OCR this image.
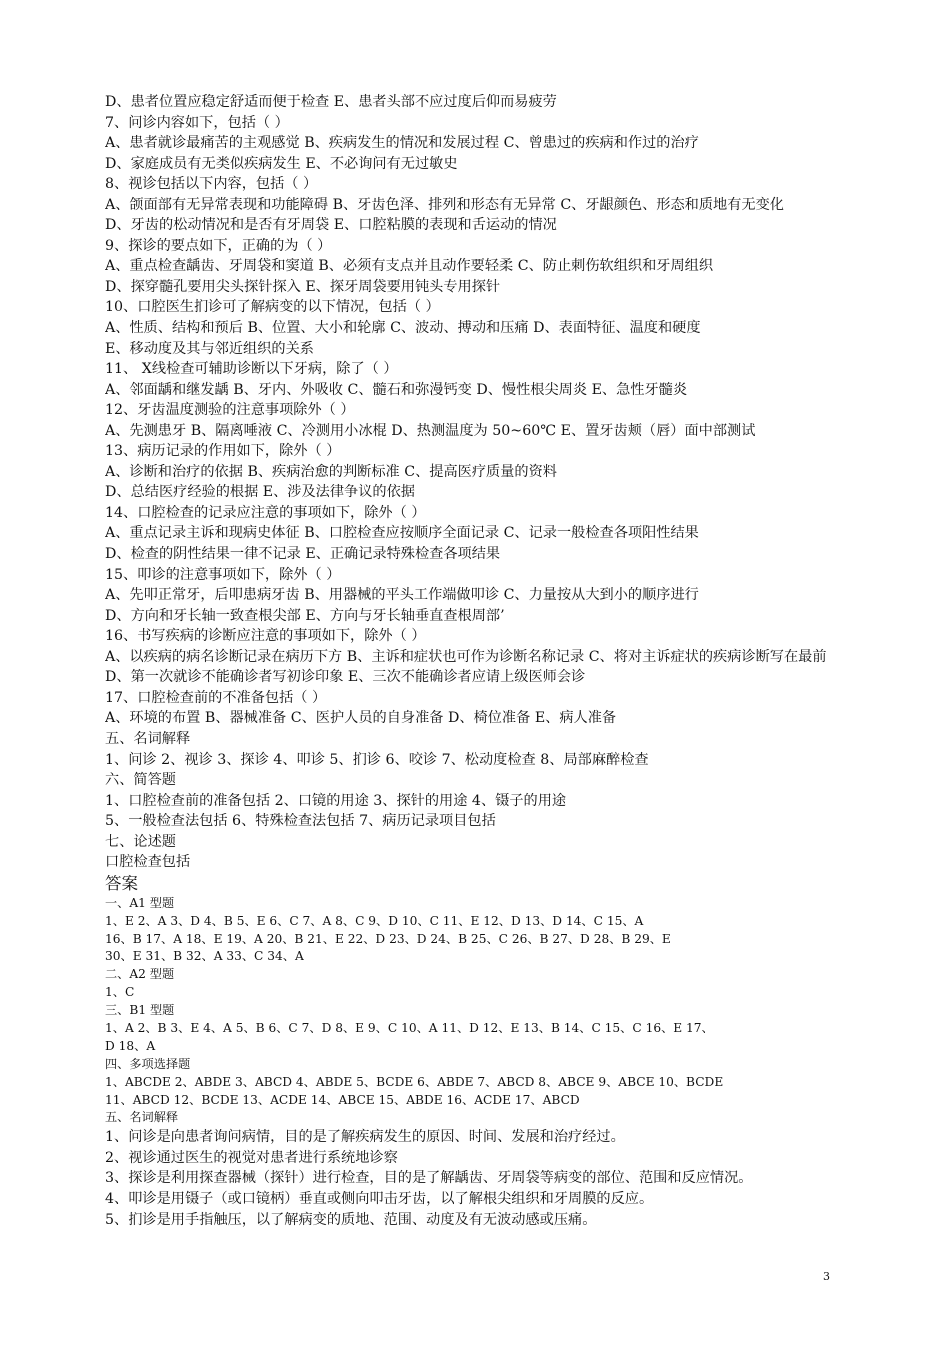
D、患者位置应稳定舒适而便于检查 E、患者头部不应过度后仰而易疲劳
7、问诊内容如下，包括（ ）
A、患者就诊最痛苦的主观感觉 B、疾病发生的情况和发展过程 C、曾患过的疾病和作过的治疗
D、家庭成员有无类似疾病发生 E、不必询问有无过敏史
8、视诊包括以下内容，包括（ ）
A、颌面部有无异常表现和功能障碍 B、牙齿色泽、排列和形态有无异常 C、牙龈颜色、形态和质地有无变化
D、牙齿的松动情况和是否有牙周袋 E、口腔粘膜的表现和舌运动的情况
9、探诊的要点如下，正确的为（ ）
A、重点检查龋齿、牙周袋和窦道 B、必须有支点并且动作要轻柔 C、防止刺伤软组织和牙周组织
D、探穿髓孔要用尖头探针探入 E、探牙周袋要用钝头专用探针
10、口腔医生扪诊可了解病变的以下情况，包括（ ）
A、性质、结构和预后 B、位置、大小和轮廓 C、波动、搏动和压痛 D、表面特征、温度和硬度
E、移动度及其与邻近组织的关系
11、 X线检查可辅助诊断以下牙病，除了（ ）
A、邻面龋和继发龋 B、牙内、外吸收 C、髓石和弥漫钙变 D、慢性根尖周炎 E、急性牙髓炎
12、牙齿温度测验的注意事项除外（ ）
A、先测患牙 B、隔离唾液 C、冷测用小冰棍 D、热测温度为 50~60℃ E、置牙齿颊（唇）面中部测试
13、病历记录的作用如下，除外（ ）
A、诊断和治疗的依据 B、疾病治愈的判断标准 C、提高医疗质量的资料
D、总结医疗经验的根据 E、涉及法律争议的依据
14、口腔检查的记录应注意的事项如下，除外（ ）
A、重点记录主诉和现病史体征 B、口腔检查应按顺序全面记录 C、记录一般检查各项阳性结果
D、检查的阴性结果一律不记录 E、正确记录特殊检查各项结果
15、叩诊的注意事项如下，除外（ ）
A、先叩正常牙，后叩患病牙齿 B、用器械的平头工作端做叩诊 C、力量按从大到小的顺序进行
D、方向和牙长轴一致查根尖部 E、方向与牙长轴垂直查根周部’
16、书写疾病的诊断应注意的事项如下，除外（ ）
A、以疾病的病名诊断记录在病历下方 B、主诉和症状也可作为诊断名称记录 C、将对主诉症状的疾病诊断写在最前
D、第一次就诊不能确诊者写初诊印象 E、三次不能确诊者应请上级医师会诊
17、口腔检查前的不准备包括（ ）
A、环境的布置 B、器械准备 C、医护人员的自身准备 D、椅位准备 E、病人准备
五、名词解释
1、问诊 2、视诊 3、探诊 4、叩诊 5、扪诊 6、咬诊 7、松动度检查 8、局部麻醉检查
六、简答题
1、口腔检查前的准备包括 2、口镜的用途 3、探针的用途 4、镊子的用途
5、一般检查法包括 6、特殊检查法包括 7、病历记录项目包括
七、论述题
口腔检查包括
答案
一、A1 型题
1、E 2、A 3、D 4、B 5、E 6、C 7、A 8、C 9、D 10、C 11、E 12、D 13、D 14、C 15、A
16、B 17、A 18、E 19、A 20、B 21、E 22、D 23、D 24、B 25、C 26、B 27、D 28、B 29、E
30、E 31、B 32、A 33、C 34、A
二、A2 型题
1、C
三、B1 型题
1、A 2、B 3、E 4、A 5、B 6、C 7、D 8、E 9、C 10、A 11、D 12、E 13、B 14、C 15、C 16、E 17、
D 18、A
四、多项选择题
1、ABCDE 2、ABDE 3、ABCD 4、ABDE 5、BCDE 6、ABDE 7、ABCD 8、ABCE 9、ABCE 10、BCDE
11、ABCD 12、BCDE 13、ACDE 14、ABCE 15、ABDE 16、ACDE 17、ABCD
五、名词解释
1、问诊是向患者询问病情，目的是了解疾病发生的原因、时间、发展和治疗经过。
2、视诊通过医生的视觉对患者进行系统地诊察
3、探诊是利用探查器械（探针）进行检查，目的是了解龋齿、牙周袋等病变的部位、范围和反应情况。
4、叩诊是用镊子（或口镜柄）垂直或侧向叩击牙齿，以了解根尖组织和牙周膜的反应。
5、扪诊是用手指触压，以了解病变的质地、范围、动度及有无波动感或压痛。
3
